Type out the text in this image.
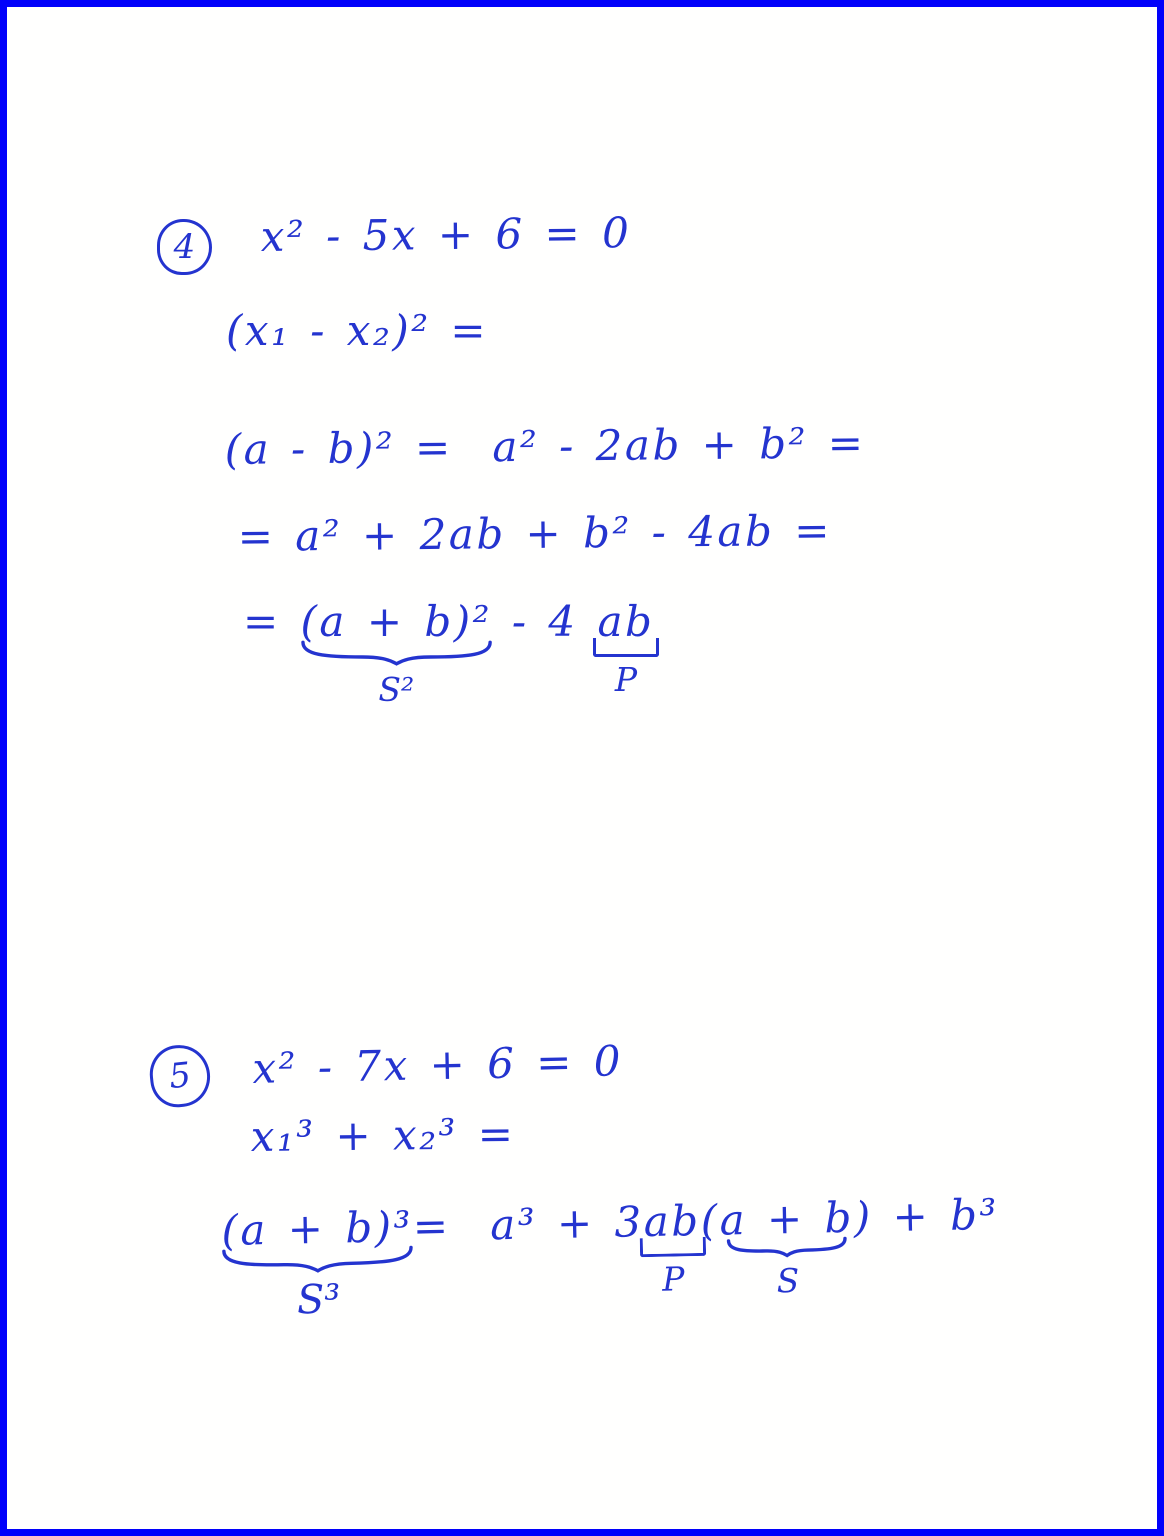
4	x² - 5x + 6 = 0
(x₁ - x₂)² =
(a - b)² =  a² - 2ab + b² =
= a² + 2ab + b² - 4ab =
= (a + b)²
S²
- 4 ab
P
5	x² - 7x + 6 = 0
x₁³ + x₂³ =
(a + b)³
S³
=  a³ + 3ab
P
(a + b)
S
+ b³
